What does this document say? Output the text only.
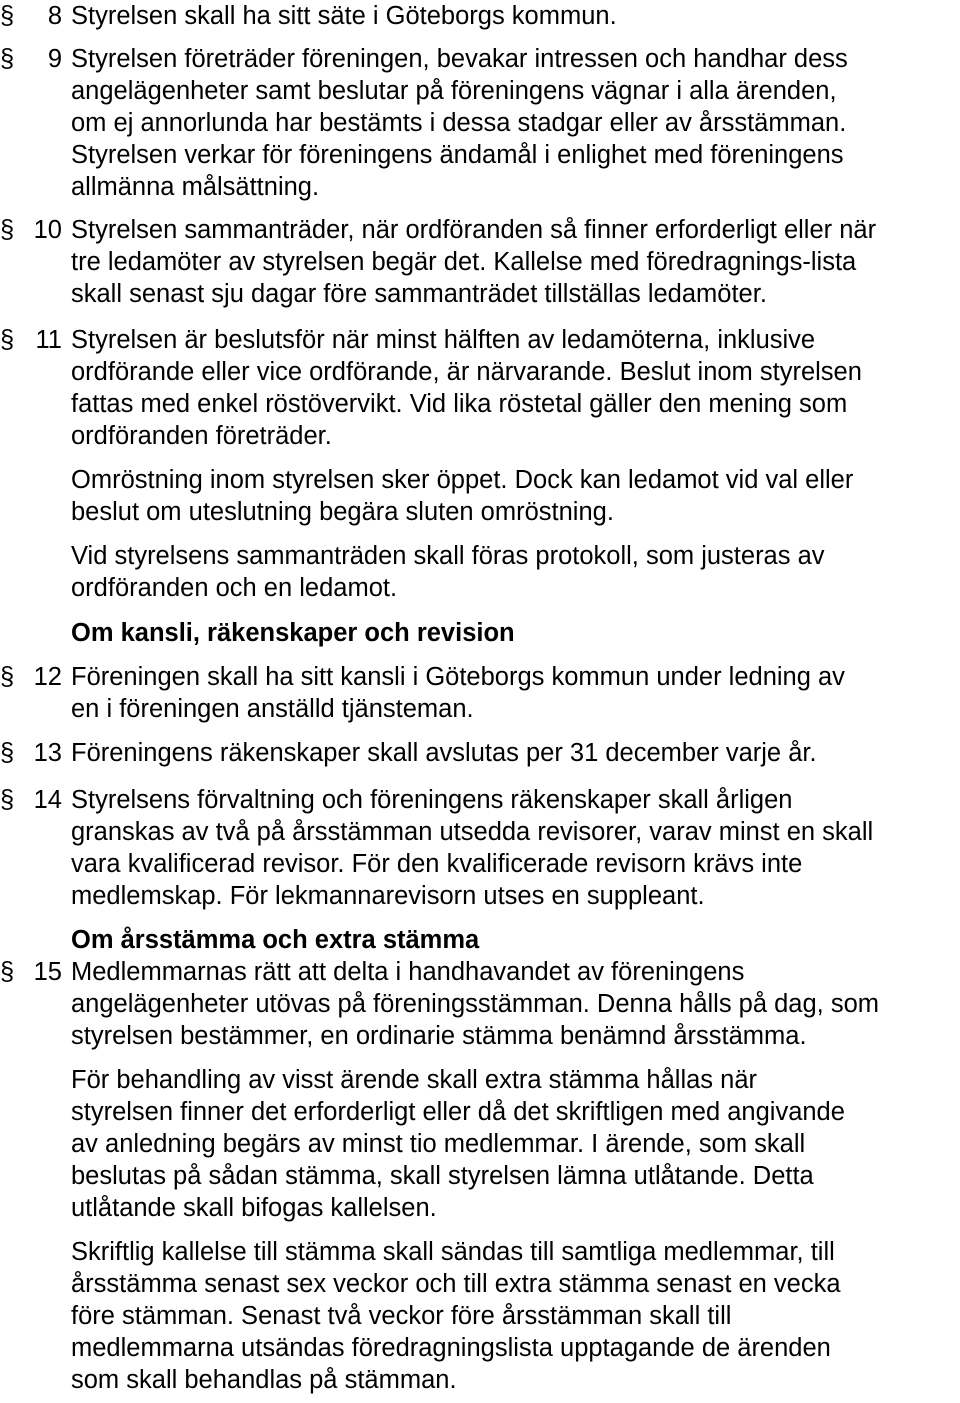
§ 8 Styrelsen skall ha sitt säte i Göteborgs kommun.

§ 9 Styrelsen företräder föreningen, bevakar intressen och handhar dess
angelägenheter samt beslutar på föreningens vägnar i alla ärenden,
om ej annorlunda har bestämts i dessa stadgar eller av årsstämman.
Styrelsen verkar för föreningens ändamål i enlighet med föreningens
allmänna målsättning.

§ 10 Styrelsen sammanträder, när ordföranden så finner erforderligt eller när
tre ledamöter av styrelsen begär det. Kallelse med föredragnings-lista
skall senast sju dagar före sammanträdet tillställas ledamöter.

§ 11 Styrelsen är beslutsför när minst hälften av ledamöterna, inklusive
ordförande eller vice ordförande, är närvarande. Beslut inom styrelsen
fattas med enkel röstövervikt. Vid lika röstetal gäller den mening som
ordföranden företräder.

Omröstning inom styrelsen sker öppet. Dock kan ledamot vid val eller
beslut om uteslutning begära sluten omröstning.

Vid styrelsens sammanträden skall föras protokoll, som justeras av
ordföranden och en ledamot.

Om kansli, räkenskaper och revision
§ 12 Föreningen skall ha sitt kansli i Göteborgs kommun under ledning av
en i föreningen anställd tjänsteman.

§ 13 Föreningens räkenskaper skall avslutas per 31 december varje år.

§ 14 Styrelsens förvaltning och föreningens räkenskaper skall årligen
granskas av två på årsstämman utsedda revisorer, varav minst en skall
vara kvalificerad revisor. För den kvalificerade revisorn krävs inte
medlemskap. För lekmannarevisorn utses en suppleant.

Om årsstämma och extra stämma
§ 15 Medlemmarnas rätt att delta i handhavandet av föreningens
angelägenheter utövas på föreningsstämman. Denna hålls på dag, som
styrelsen bestämmer, en ordinarie stämma benämnd årsstämma.

För behandling av visst ärende skall extra stämma hållas när
styrelsen finner det erforderligt eller då det skriftligen med angivande
av anledning begärs av minst tio medlemmar. I ärende, som skall
beslutas på sådan stämma, skall styrelsen lämna utlåtande. Detta
utlåtande skall bifogas kallelsen.

Skriftlig kallelse till stämma skall sändas till samtliga medlemmar, till
årsstämma senast sex veckor och till extra stämma senast en vecka
före stämman. Senast två veckor före årsstämman skall till
medlemmarna utsändas föredragningslista upptagande de ärenden
som skall behandlas på stämman.
